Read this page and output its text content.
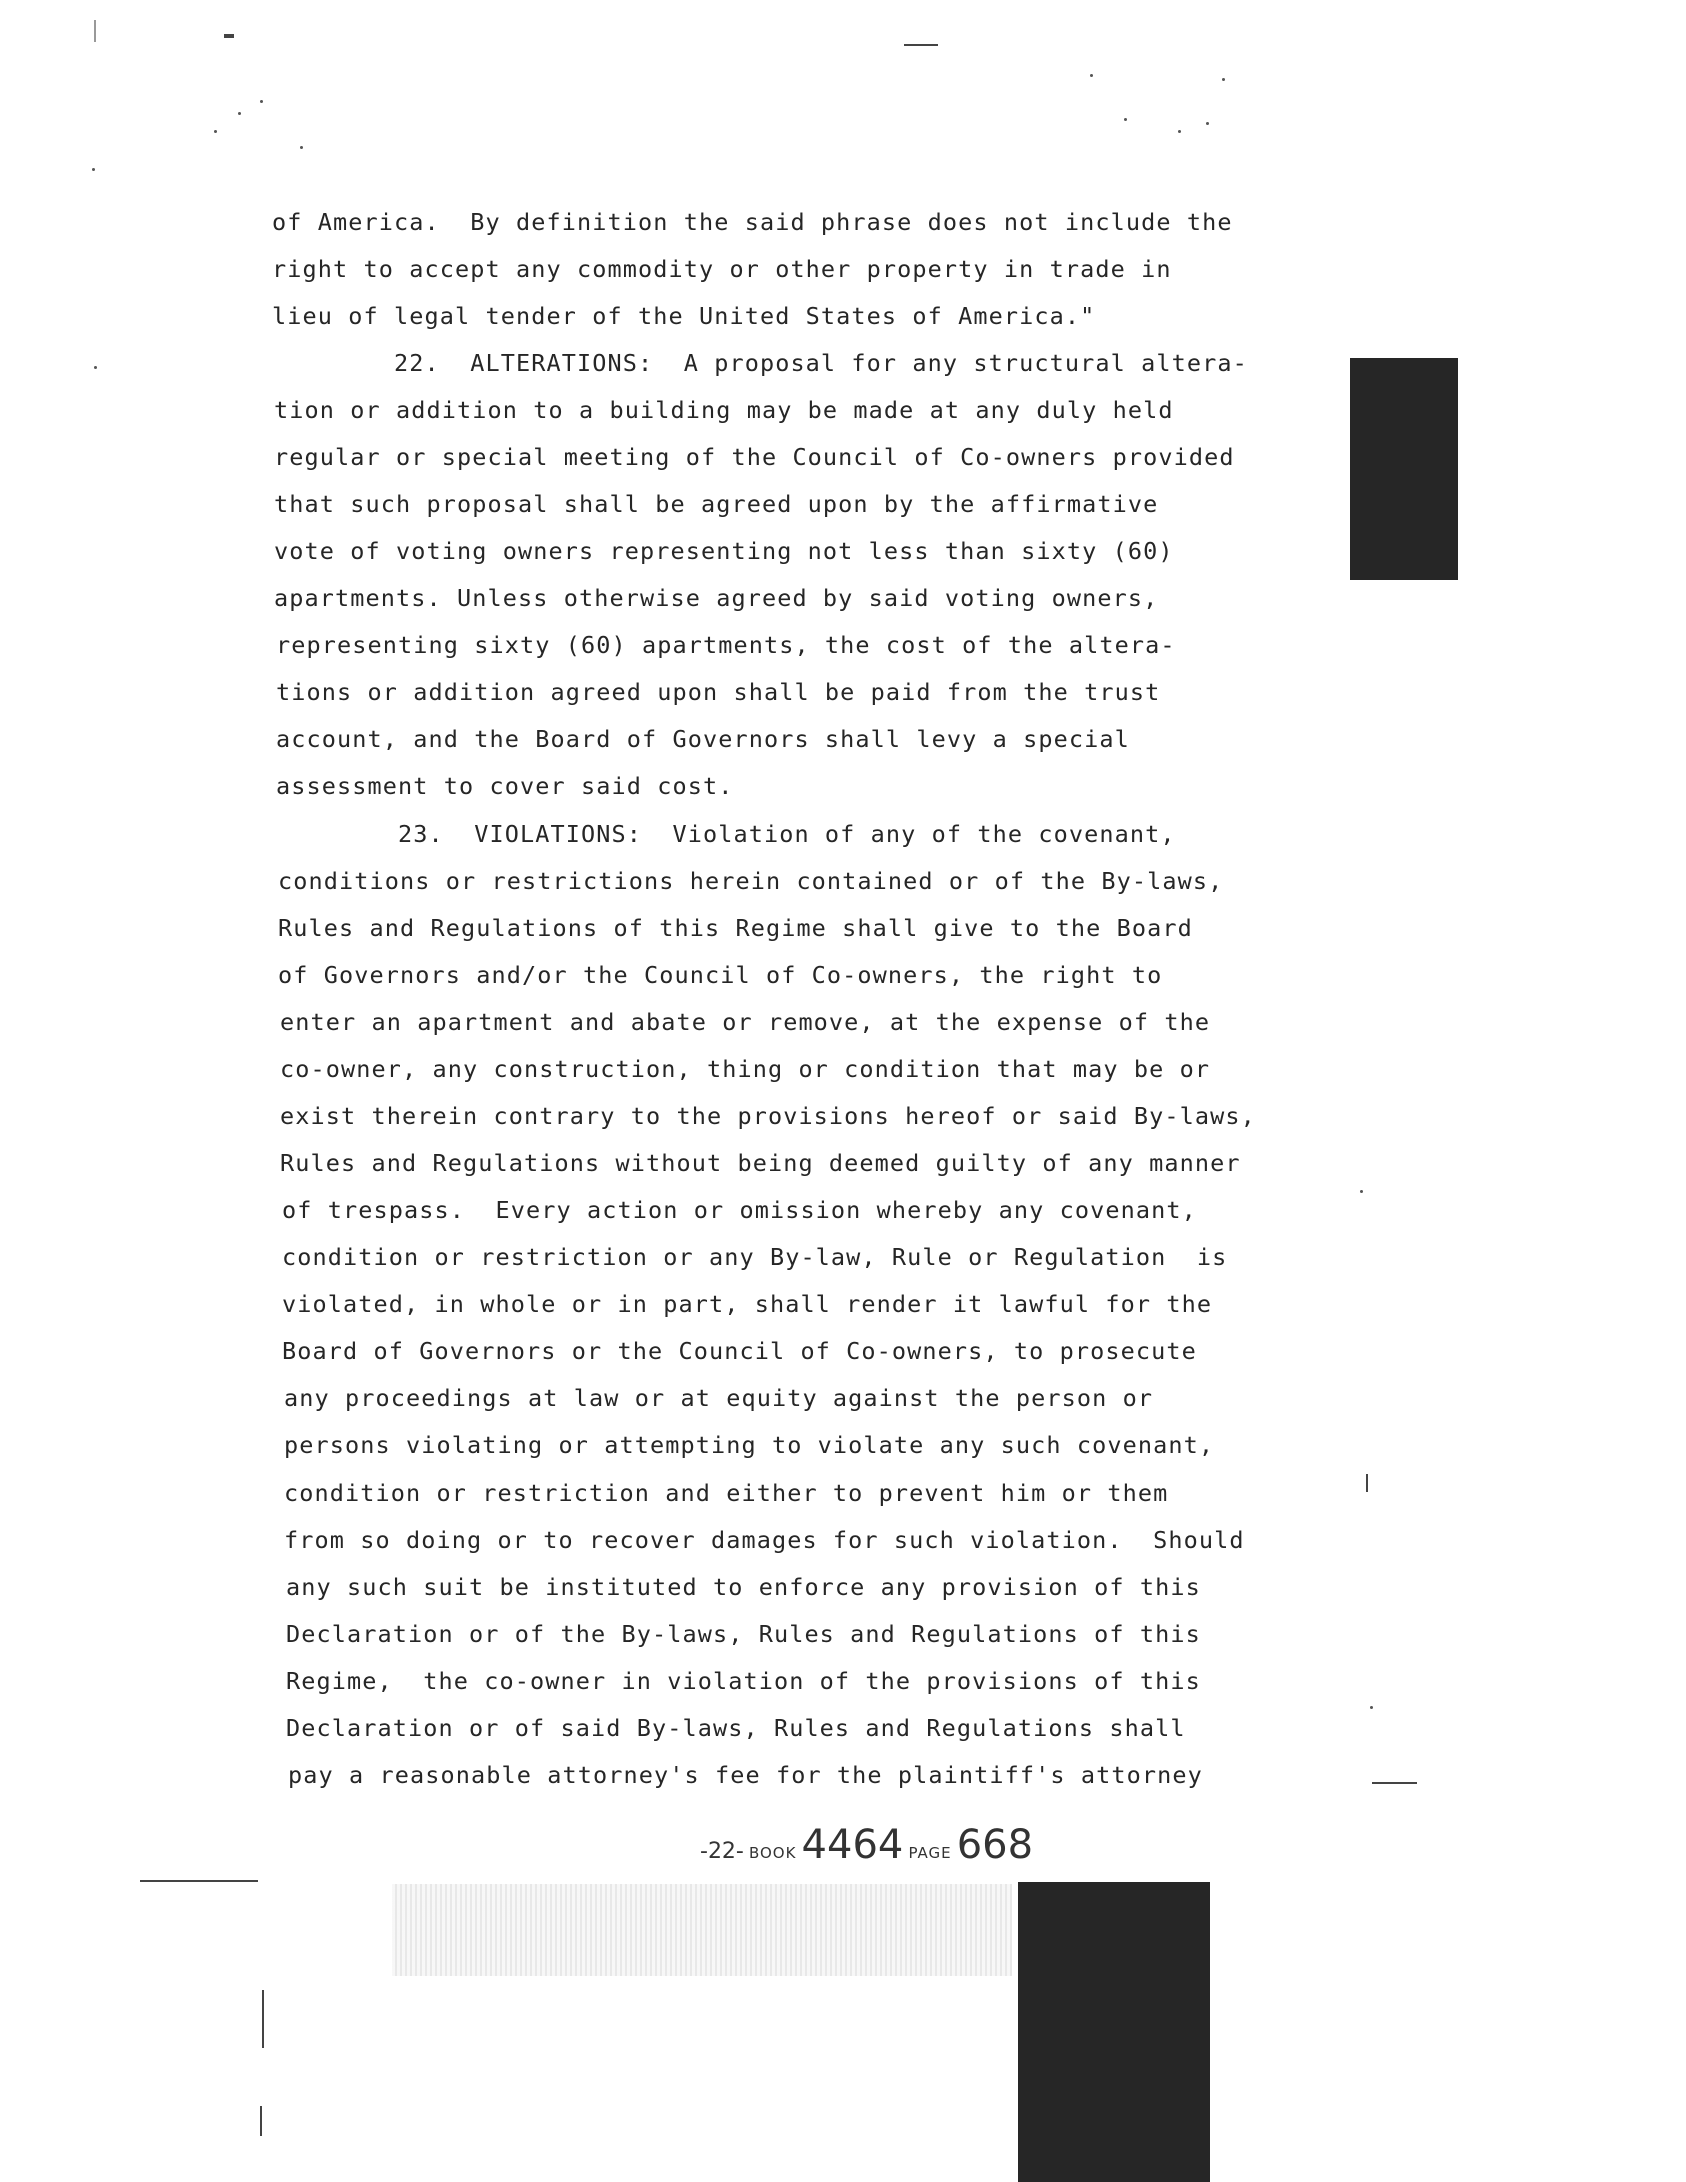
of America.  By definition the said phrase does not include the
right to accept any commodity or other property in trade in
lieu of legal tender of the United States of America."
22.  ALTERATIONS:  A proposal for any structural altera-
tion or addition to a building may be made at any duly held
regular or special meeting of the Council of Co-owners provided
that such proposal shall be agreed upon by the affirmative
vote of voting owners representing not less than sixty (60)
apartments. Unless otherwise agreed by said voting owners,
representing sixty (60) apartments, the cost of the altera-
tions or addition agreed upon shall be paid from the trust
account, and the Board of Governors shall levy a special
assessment to cover said cost.
23.  VIOLATIONS:  Violation of any of the covenant,
conditions or restrictions herein contained or of the By-laws,
Rules and Regulations of this Regime shall give to the Board
of Governors and/or the Council of Co-owners, the right to
enter an apartment and abate or remove, at the expense of the
co-owner, any construction, thing or condition that may be or
exist therein contrary to the provisions hereof or said By-laws,
Rules and Regulations without being deemed guilty of any manner
of trespass.  Every action or omission whereby any covenant,
condition or restriction or any By-law, Rule or Regulation  is
violated, in whole or in part, shall render it lawful for the
Board of Governors or the Council of Co-owners, to prosecute
any proceedings at law or at equity against the person or
persons violating or attempting to violate any such covenant,
condition or restriction and either to prevent him or them
from so doing or to recover damages for such violation.  Should
any such suit be instituted to enforce any provision of this
Declaration or of the By-laws, Rules and Regulations of this
Regime,  the co-owner in violation of the provisions of this
Declaration or of said By-laws, Rules and Regulations shall
pay a reasonable attorney's fee for the plaintiff's attorney
-22- BOOK 4464 PAGE 668
